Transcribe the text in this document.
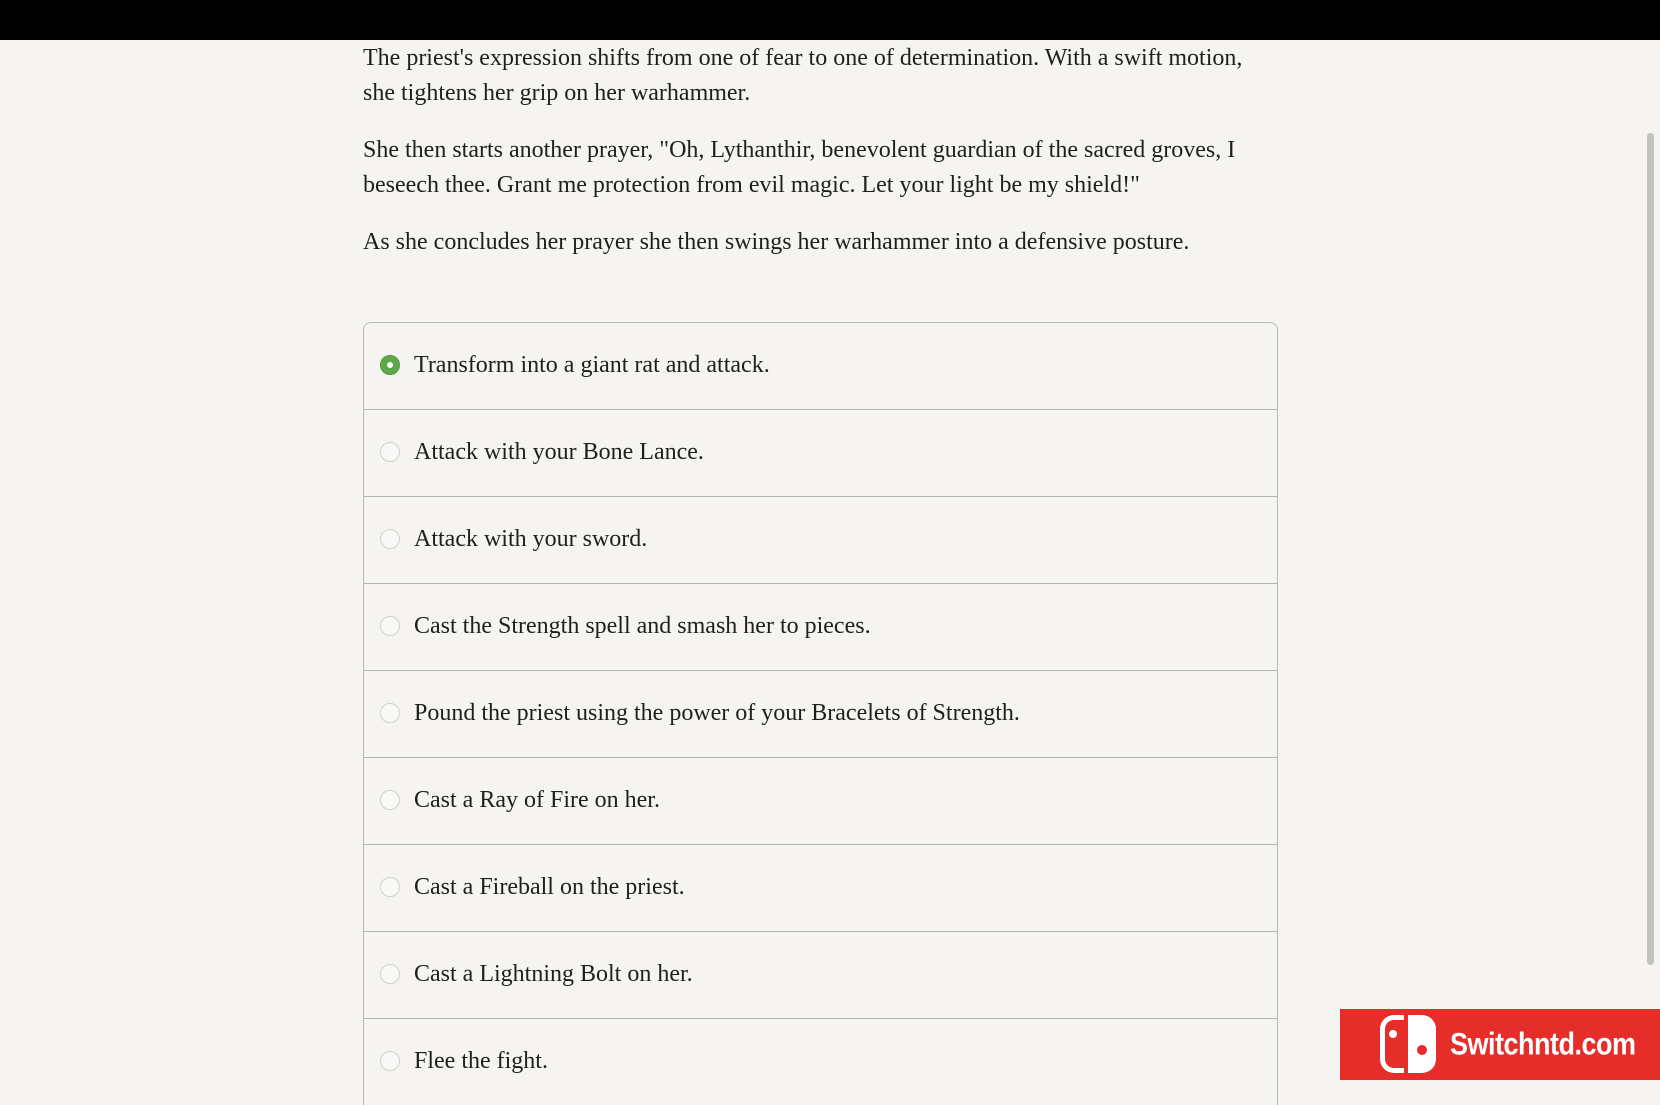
The priest's expression shifts from one of fear to one of determination. With a swift motion, she tightens her grip on her warhammer.

She then starts another prayer, "Oh, Lythanthir, benevolent guardian of the sacred groves, I beseech thee. Grant me protection from evil magic. Let your light be my shield!"

As she concludes her prayer she then swings her warhammer into a defensive posture.

Transform into a giant rat and attack.
Attack with your Bone Lance.
Attack with your sword.
Cast the Strength spell and smash her to pieces.
Pound the priest using the power of your Bracelets of Strength.
Cast a Ray of Fire on her.
Cast a Fireball on the priest.
Cast a Lightning Bolt on her.
Flee the fight.	Switchntd.com
